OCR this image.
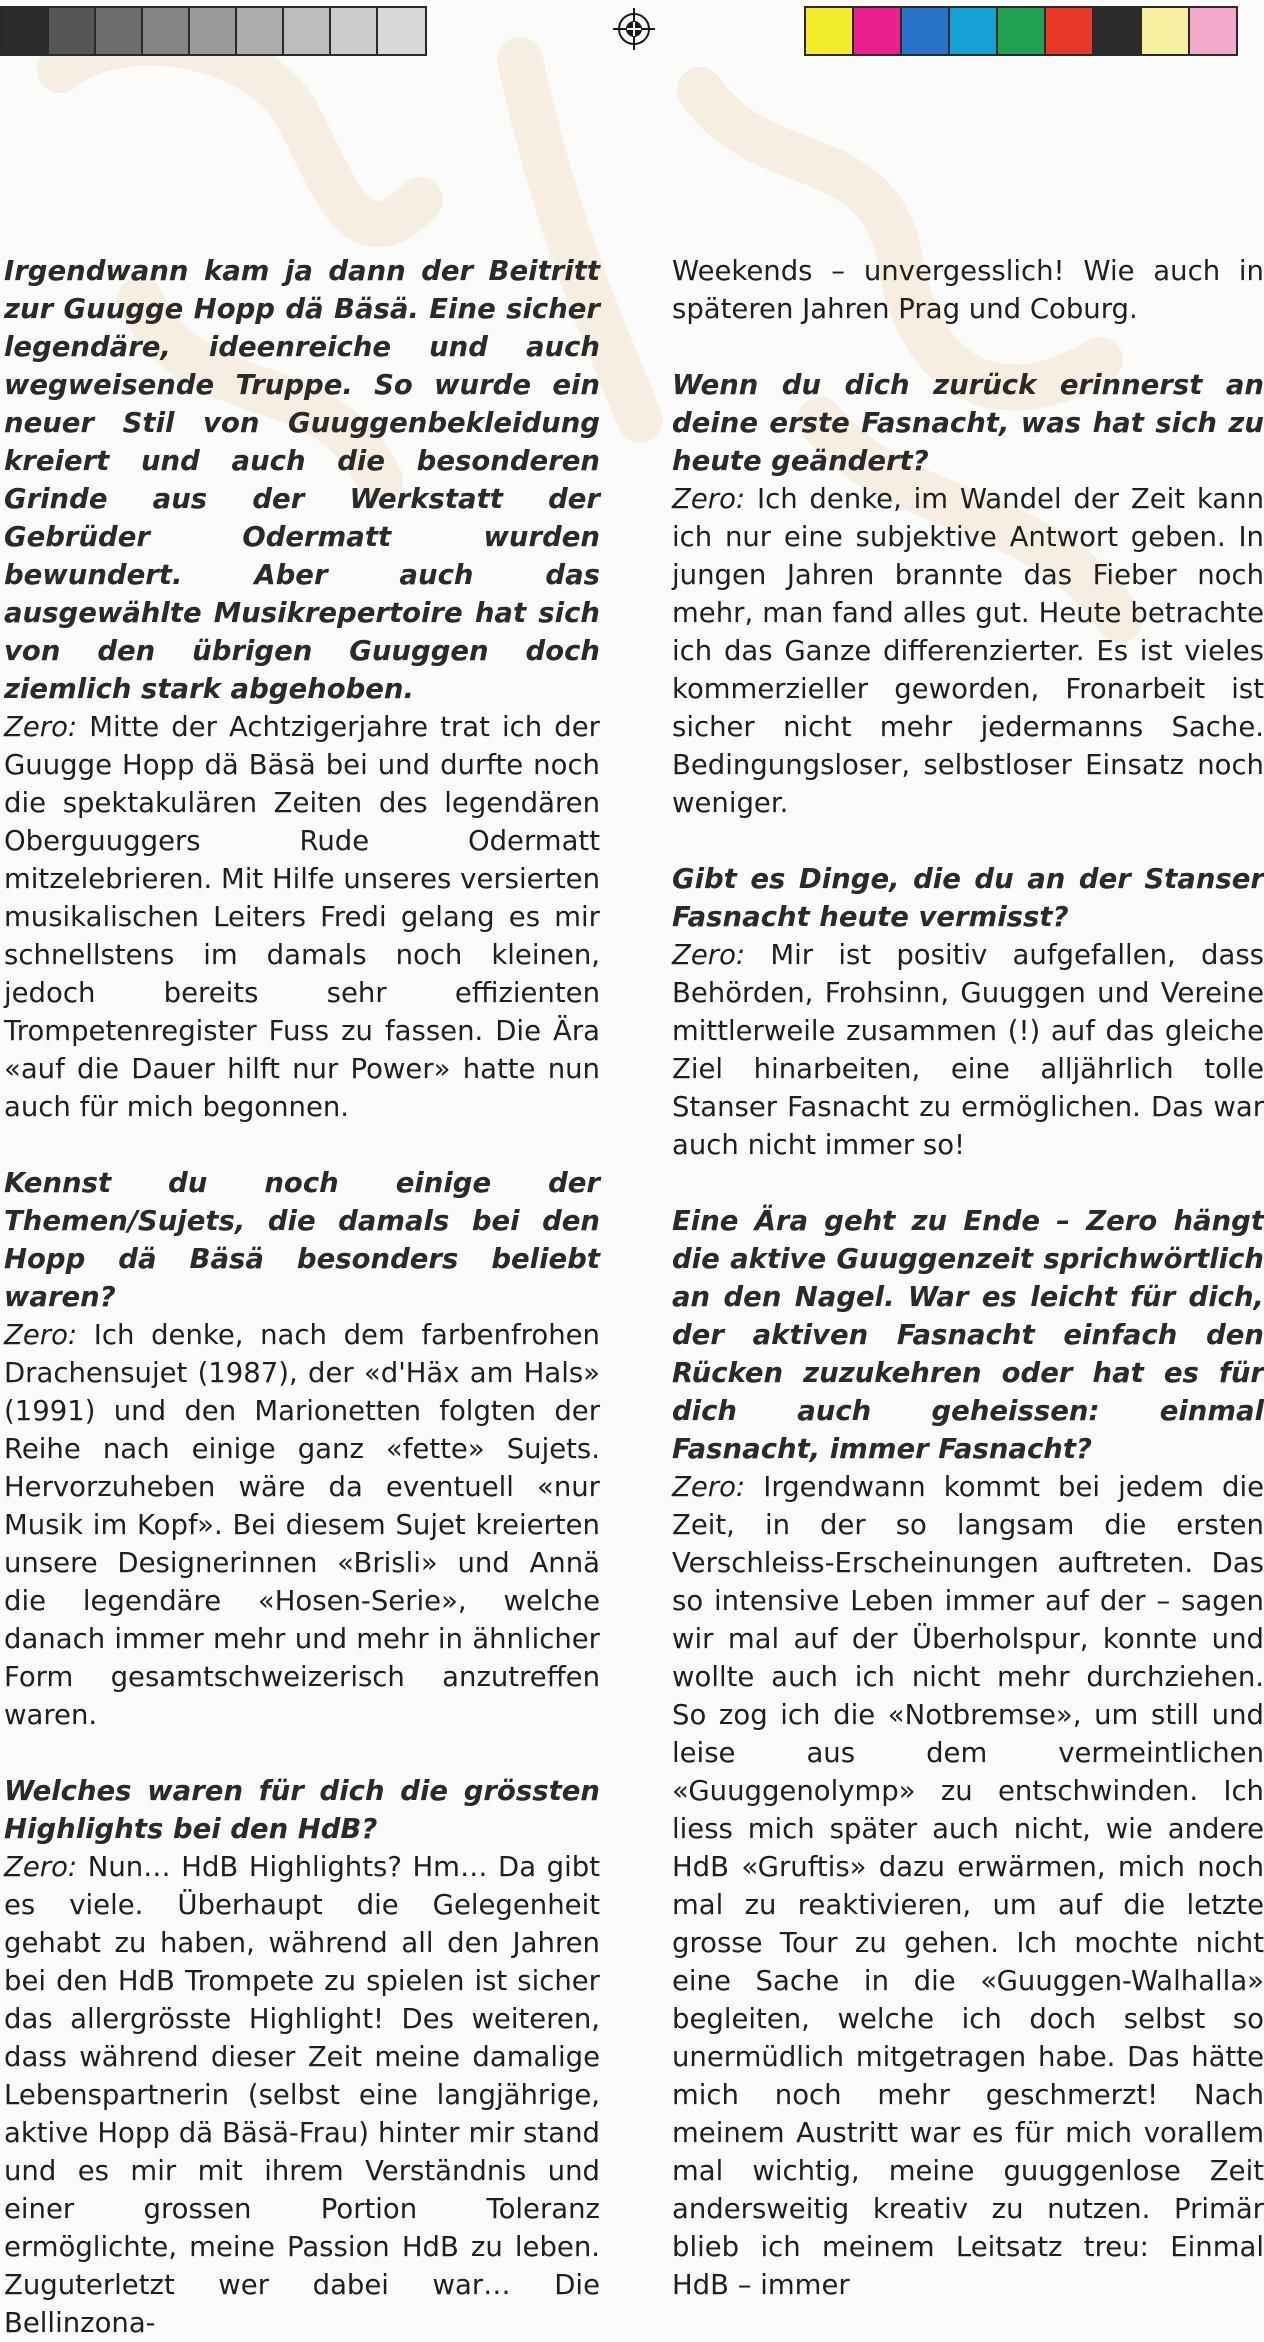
Irgendwann kam ja dann der Beitritt zur Guugge Hopp dä Bäsä. Eine sicher legendäre, ideenreiche und auch wegweisende Truppe. So wurde ein neuer Stil von Guuggenbekleidung kreiert und auch die besonderen Grinde aus der Werkstatt der Gebrüder Odermatt wurden bewundert. Aber auch das ausgewählte Musikrepertoire hat sich von den übrigen Guuggen doch ziemlich stark abgehoben.

Zero: Mitte der Achtzigerjahre trat ich der Guugge Hopp dä Bäsä bei und durfte noch die spektakulären Zeiten des legendären Oberguuggers Rude Odermatt mitzelebrieren. Mit Hilfe unseres versierten musikalischen Leiters Fredi gelang es mir schnellstens im damals noch kleinen, jedoch bereits sehr effizienten Trompetenregister Fuss zu fassen. Die Ära «auf die Dauer hilft nur Power» hatte nun auch für mich begonnen.

Kennst du noch einige der Themen/Sujets, die damals bei den Hopp dä Bäsä besonders beliebt waren?

Zero: Ich denke, nach dem farbenfrohen Drachensujet (1987), der «d'Häx am Hals» (1991) und den Marionetten folgten der Reihe nach einige ganz «fette» Sujets. Hervorzuheben wäre da eventuell «nur Musik im Kopf». Bei diesem Sujet kreierten unsere Designerinnen «Brisli» und Annä die legendäre «Hosen-Serie», welche danach immer mehr und mehr in ähnlicher Form gesamtschweizerisch anzutreffen waren.

Welches waren für dich die grössten Highlights bei den HdB?

Zero: Nun… HdB Highlights? Hm… Da gibt es viele. Überhaupt die Gelegenheit gehabt zu haben, während all den Jahren bei den HdB Trompete zu spielen ist sicher das allergrösste Highlight! Des weiteren, dass während dieser Zeit meine damalige Lebenspartnerin (selbst eine langjährige, aktive Hopp dä Bäsä-Frau) hinter mir stand und es mir mit ihrem Verständnis und einer grossen Portion Toleranz ermöglichte, meine Passion HdB zu leben. Zuguterletzt wer dabei war… Die Bellinzona-

Weekends – unvergesslich! Wie auch in späteren Jahren Prag und Coburg.

Wenn du dich zurück erinnerst an deine erste Fasnacht, was hat sich zu heute geändert?

Zero: Ich denke, im Wandel der Zeit kann ich nur eine subjektive Antwort geben. In jungen Jahren brannte das Fieber noch mehr, man fand alles gut. Heute betrachte ich das Ganze differenzierter. Es ist vieles kommerzieller geworden, Fronarbeit ist sicher nicht mehr jedermanns Sache. Bedingungsloser, selbstloser Einsatz noch weniger.

Gibt es Dinge, die du an der Stanser Fasnacht heute vermisst?

Zero: Mir ist positiv aufgefallen, dass Behörden, Frohsinn, Guuggen und Vereine mittlerweile zusammen (!) auf das gleiche Ziel hinarbeiten, eine alljährlich tolle Stanser Fasnacht zu ermöglichen. Das war auch nicht immer so!

Eine Ära geht zu Ende – Zero hängt die aktive Guuggenzeit sprichwörtlich an den Nagel. War es leicht für dich, der aktiven Fasnacht einfach den Rücken zuzukehren oder hat es für dich auch geheissen: einmal Fasnacht, immer Fasnacht?

Zero: Irgendwann kommt bei jedem die Zeit, in der so langsam die ersten Verschleiss-Erscheinungen auftreten. Das so intensive Leben immer auf der – sagen wir mal auf der Überholspur, konnte und wollte auch ich nicht mehr durchziehen. So zog ich die «Notbremse», um still und leise aus dem vermeintlichen «Guuggenolymp» zu entschwinden. Ich liess mich später auch nicht, wie andere HdB «Gruftis» dazu erwärmen, mich noch mal zu reaktivieren, um auf die letzte grosse Tour zu gehen. Ich mochte nicht eine Sache in die «Guuggen-Walhalla» begleiten, welche ich doch selbst so unermüdlich mitgetragen habe. Das hätte mich noch mehr geschmerzt! Nach meinem Austritt war es für mich vorallem mal wichtig, meine guuggenlose Zeit andersweitig kreativ zu nutzen. Primär blieb ich meinem Leitsatz treu: Einmal HdB – immer
